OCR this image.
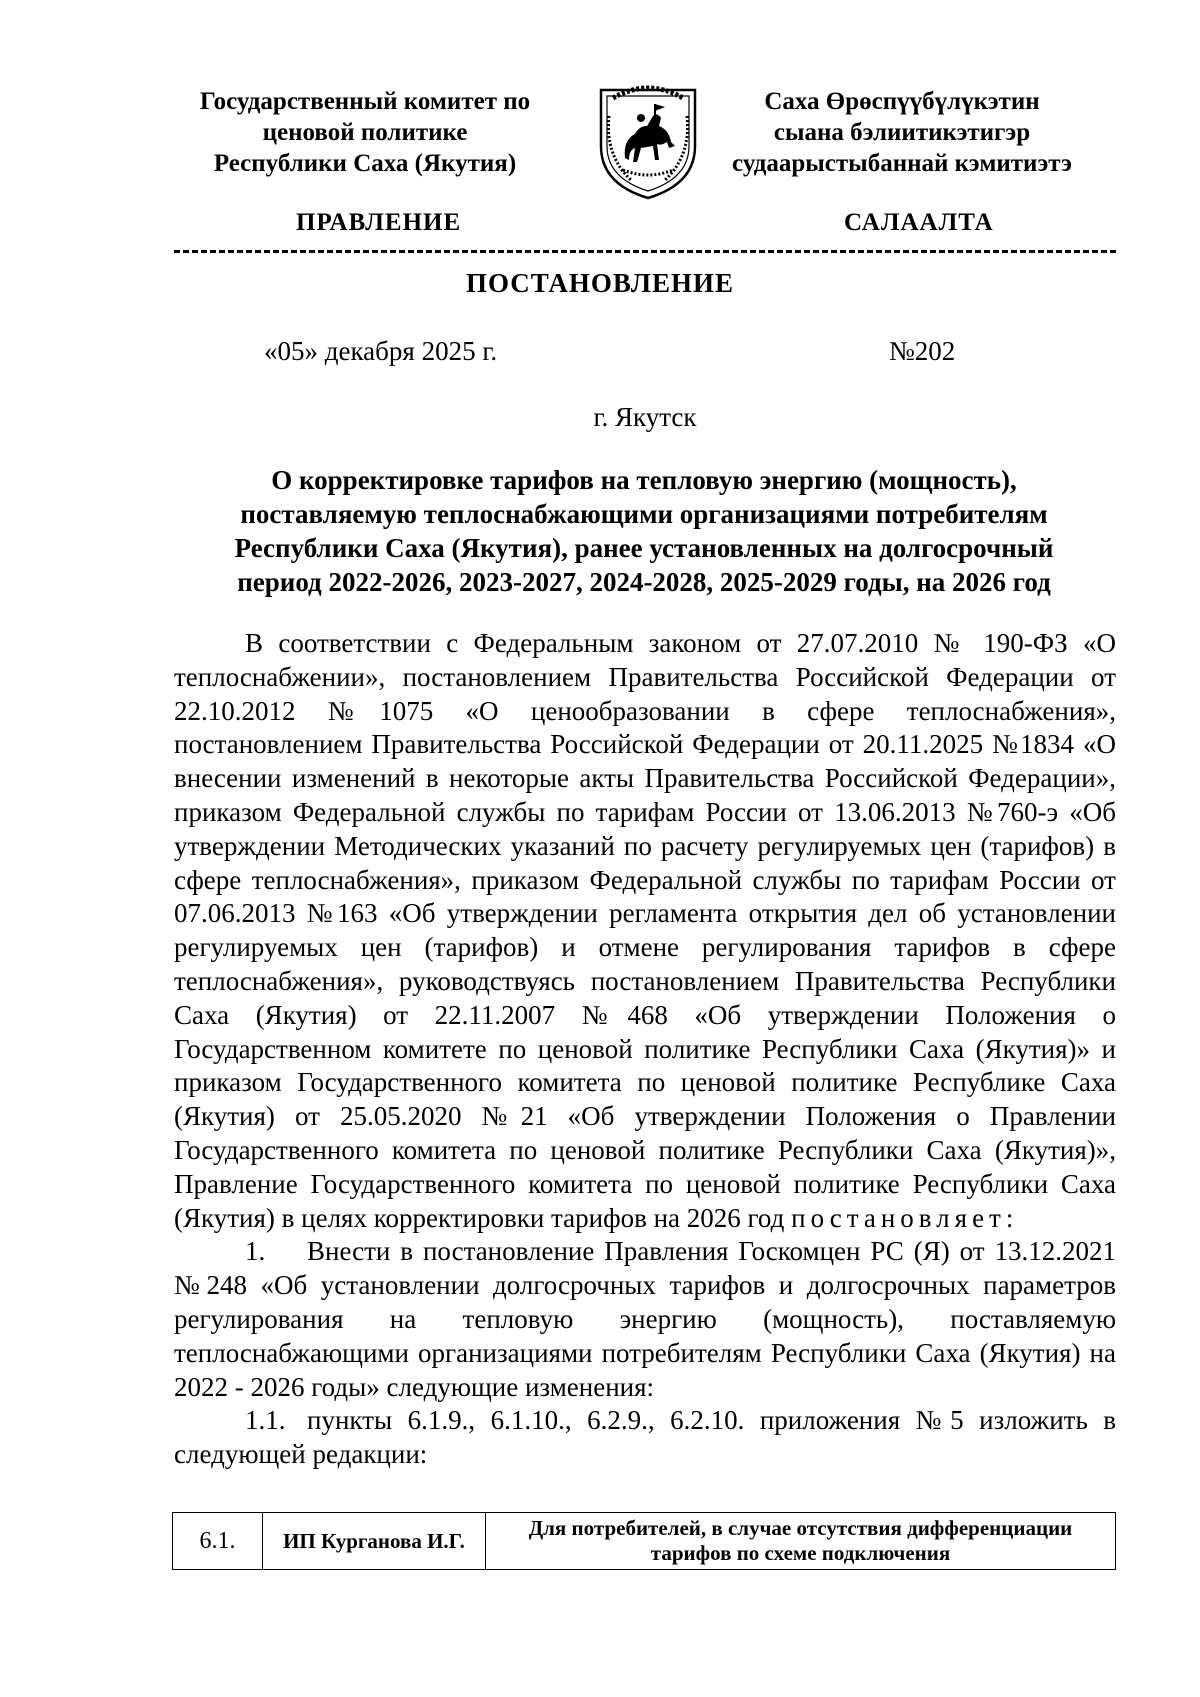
Государственный комитет по
ценовой политике
Республики Саха (Якутия)
Саха Өрөспүүбүлүкэтин
сыана бэлиитикэтигэр
судаарыстыбаннай кэмитиэтэ
ПРАВЛЕНИЕ	САЛААЛТА
ПОСТАНОВЛЕНИЕ
«05» декабря 2025 г.	№202
г. Якутск
О корректировке тарифов на тепловую энергию (мощность),
поставляемую теплоснабжающими организациями потребителям
Республики Саха (Якутия), ранее установленных на долгосрочный
период 2022-2026, 2023-2027, 2024-2028, 2025-2029 годы, на 2026 год

В соответствии с Федеральным законом от 27.07.2010 № 190-ФЗ «О теплоснабжении», постановлением Правительства Российской Федерации от 22.10.2012 №1075 «О ценообразовании в сфере теплоснабжения», постановлением Правительства Российской Федерации от 20.11.2025 №1834 «О внесении изменений в некоторые акты Правительства Российской Федерации», приказом Федеральной службы по тарифам России от 13.06.2013 №760-э «Об утверждении Методических указаний по расчету регулируемых цен (тарифов) в сфере теплоснабжения», приказом Федеральной службы по тарифам России от 07.06.2013 №163 «Об утверждении регламента открытия дел об установлении регулируемых цен (тарифов) и отмене регулирования тарифов в сфере теплоснабжения», руководствуясь постановлением Правительства Республики Саха (Якутия) от 22.11.2007 №468 «Об утверждении Положения о Государственном комитете по ценовой политике Республики Саха (Якутия)» и приказом Государственного комитета по ценовой политике Республике Саха (Якутия) от 25.05.2020 №21 «Об утверждении Положения о Правлении Государственного комитета по ценовой политике Республики Саха (Якутия)», Правление Государственного комитета по ценовой политике Республики Саха (Якутия) в целях корректировки тарифов на 2026 год постановляет:

1. Внести в постановление Правления Госкомцен РС (Я) от 13.12.2021 №248 «Об установлении долгосрочных тарифов и долгосрочных параметров регулирования на тепловую энергию (мощность), поставляемую теплоснабжающими организациями потребителям Республики Саха (Якутия) на 2022 - 2026 годы» следующие изменения:

1.1. пункты 6.1.9., 6.1.10., 6.2.9., 6.2.10. приложения №5 изложить в следующей редакции:

6.1.	ИП Курганова И.Г.	Для потребителей, в случае отсутствия дифференциации тарифов по схеме подключения
